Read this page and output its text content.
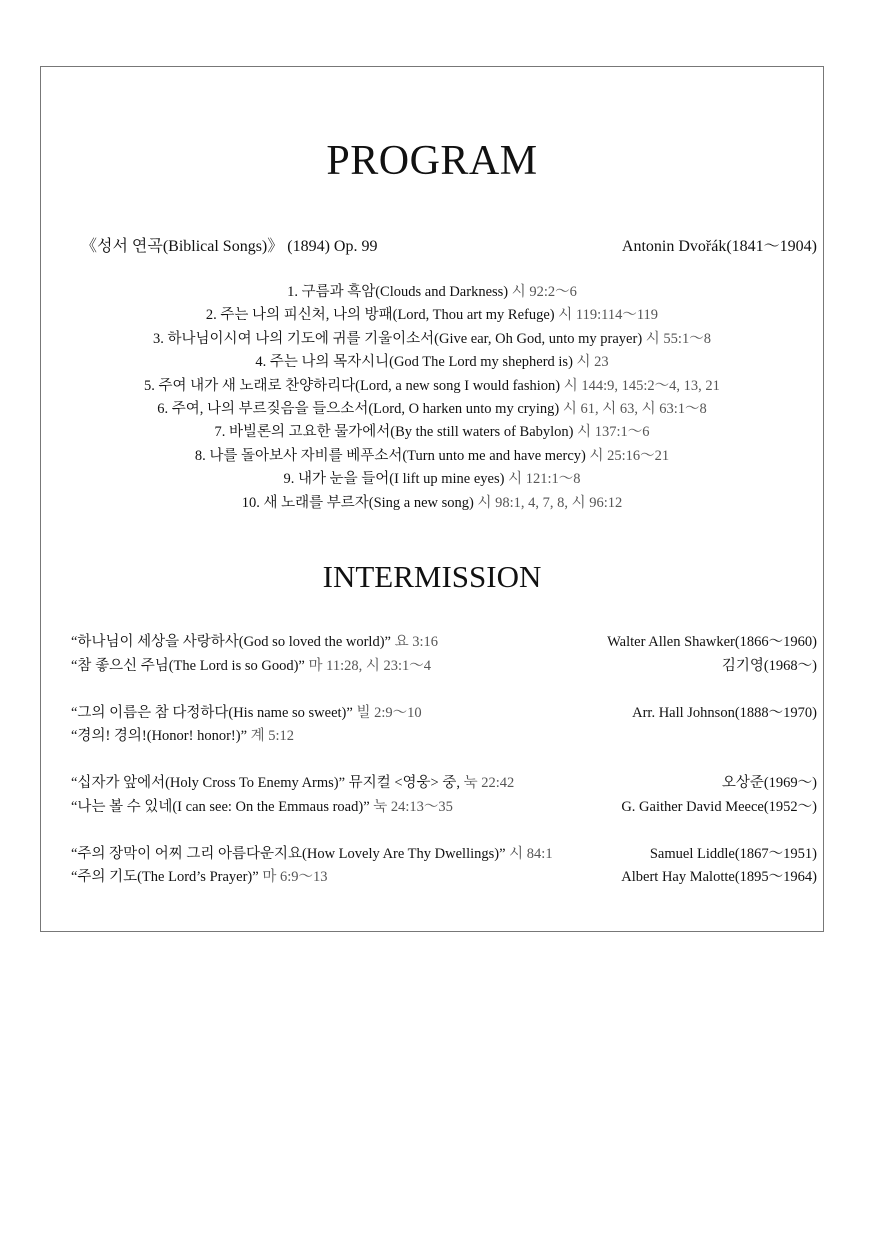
PROGRAM
《성서 연곡(Biblical Songs)》 (1894) Op. 99	Antonin Dvořák(1841～1904)
1. 구름과 흑암(Clouds and Darkness) 시 92:2～6
2. 주는 나의 피신처, 나의 방패(Lord, Thou art my Refuge) 시 119:114～119
3. 하나님이시여 나의 기도에 귀를 기울이소서(Give ear, Oh God, unto my prayer) 시 55:1～8
4. 주는 나의 목자시니(God The Lord my shepherd is) 시 23
5. 주여 내가 새 노래로 찬양하리다(Lord, a new song I would fashion) 시 144:9, 145:2～4, 13, 21
6. 주여, 나의 부르짖음을 들으소서(Lord, O harken unto my crying) 시 61, 시 63, 시 63:1～8
7. 바빌론의 고요한 물가에서(By the still waters of Babylon) 시 137:1～6
8. 나를 돌아보사 자비를 베푸소서(Turn unto me and have mercy) 시 25:16～21
9. 내가 눈을 들어(I lift up mine eyes) 시 121:1～8
10. 새 노래를 부르자(Sing a new song) 시 98:1, 4, 7, 8, 시 96:12
INTERMISSION
“하나님이 세상을 사랑하사(God so loved the world)” 요 3:16	Walter Allen Shawker(1866～1960)
“참 좋으신 주님(The Lord is so Good)” 마 11:28, 시 23:1～4	김기영(1968～)
“그의 이름은 참 다정하다(His name so sweet)” 빌 2:9～10	Arr. Hall Johnson(1888～1970)
“경의! 경의!(Honor! honor!)” 계 5:12
“십자가 앞에서(Holy Cross To Enemy Arms)” 뮤지컬 <영웅> 중, 눅 22:42	오상준(1969～)
“나는 볼 수 있네(I can see: On the Emmaus road)” 눅 24:13～35	G. Gaither David Meece(1952～)
“주의 장막이 어찌 그리 아름다운지요(How Lovely Are Thy Dwellings)” 시 84:1	Samuel Liddle(1867～1951)
“주의 기도(The Lord’s Prayer)” 마 6:9～13	Albert Hay Malotte(1895～1964)
